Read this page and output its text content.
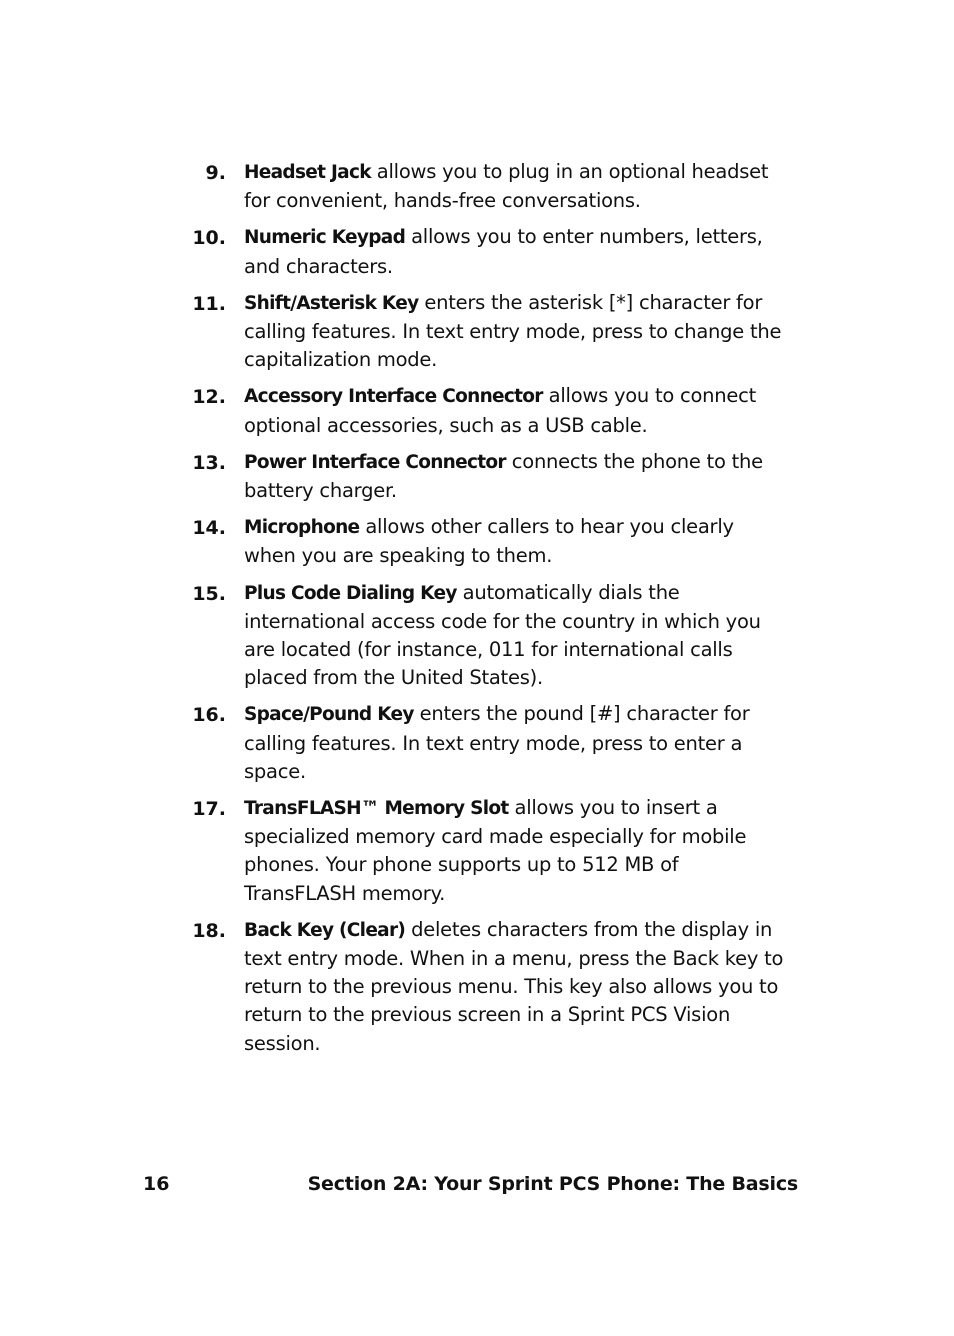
9. Headset Jack allows you to plug in an optional headset for convenient, hands-free conversations.
10. Numeric Keypad allows you to enter numbers, letters, and characters.
11. Shift/Asterisk Key enters the asterisk [*] character for calling features. In text entry mode, press to change the capitalization mode.
12. Accessory Interface Connector allows you to connect optional accessories, such as a USB cable.
13. Power Interface Connector connects the phone to the battery charger.
14. Microphone allows other callers to hear you clearly when you are speaking to them.
15. Plus Code Dialing Key automatically dials the international access code for the country in which you are located (for instance, 011 for international calls placed from the United States).
16. Space/Pound Key enters the pound [#] character for calling features. In text entry mode, press to enter a space.
17. TransFLASH™ Memory Slot allows you to insert a specialized memory card made especially for mobile phones. Your phone supports up to 512 MB of TransFLASH memory.
18. Back Key (Clear) deletes characters from the display in text entry mode. When in a menu, press the Back key to return to the previous menu. This key also allows you to return to the previous screen in a Sprint PCS Vision session.
16	Section 2A: Your Sprint PCS Phone: The Basics
